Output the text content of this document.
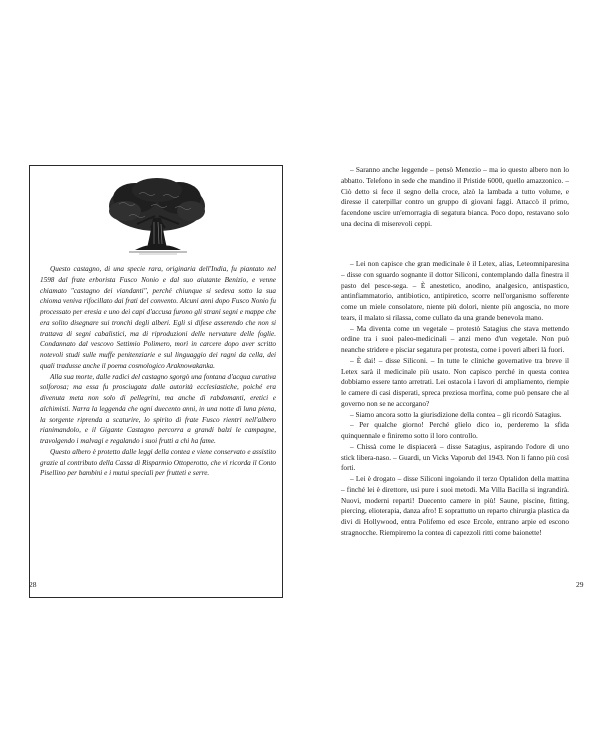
Questo castagno, di una specie rara, originaria dell'India, fu piantato nel 1598 dal frate erborista Fusco Nonio e dal suo aiutante Benizio, e venne chiamato "castagno dei viandanti", perché chiunque si sedeva sotto la sua chioma veniva rifocillato dai frati del convento. Alcuni anni dopo Fusco Nonio fu processato per eresia e uno dei capi d'accusa furono gli strani segni e mappe che era solito disegnare sui tronchi degli alberi. Egli si difese asserendo che non si trattava di segni cabalistici, ma di riproduzioni delle nervature delle foglie. Condannato dal vescovo Settimio Polimero, morì in carcere dopo aver scritto notevoli studi sulle muffe penitenziarie e sul linguaggio dei ragni da cella, dei quali tradusse anche il poema cosmologico Araknowakanka.

Alla sua morte, dalle radici del castagno sgorgò una fontana d'acqua curativa solforosa; ma essa fu prosciugata dalle autorità ecclesiastiche, poiché era divenuta meta non solo di pellegrini, ma anche di rabdomanti, eretici e alchimisti. Narra la leggenda che ogni duecento anni, in una notte di luna piena, la sorgente riprenda a scaturire, lo spirito di frate Fusco rientri nell'albero rianimandolo, e il Gigante Castagno percorra a grandi balzi le campagne, travolgendo i malvagi e regalando i suoi frutti a chi ha fame.

Questo albero è protetto dalle leggi della contea e viene conservato e assistito grazie al contributo della Cassa di Risparmio Ottoperotto, che vi ricorda il Conto Pisellino per bambini e i mutui speciali per frutteti e serre.

28

– Saranno anche leggende – pensò Menezio – ma io questo albero non lo abbatto. Telefono in sede che mandino il Pristide 6000, quello amazzonico. – Ciò detto si fece il segno della croce, alzò la lambada a tutto volume, e diresse il caterpillar contro un gruppo di giovani faggi. Attaccò il primo, facendone uscire un'emorragia di segatura bianca. Poco dopo, restavano solo una decina di miserevoli ceppi.

– Lei non capisce che gran medicinale è il Letex, alias, Leteomniparesina – disse con sguardo sognante il dottor Siliconi, contemplando dalla finestra il pasto del pesce-sega. – È anestetico, anodino, analgesico, antispastico, antinfiammatorio, antibiotico, antipiretico, scorre nell'organismo sofferente come un miele consolatore, niente più dolori, niente più angoscia, no more tears, il malato si rilassa, come cullato da una grande benevola mano.

– Ma diventa come un vegetale – protestò Satagius che stava mettendo ordine tra i suoi paleo-medicinali – anzi meno d'un vegetale. Non può neanche stridere e pisciar segatura per protesta, come i poveri alberi là fuori.

– È dai! – disse Siliconi. – In tutte le cliniche governative tra breve il Letex sarà il medicinale più usato. Non capisco perché in questa contea dobbiamo essere tanto arretrati. Lei ostacola i lavori di ampliamento, riempie le camere di casi disperati, spreca preziosa morfina, come può pensare che al governo non se ne accorgano?

– Siamo ancora sotto la giurisdizione della contea – gli ricordò Satagius.

– Per qualche giorno! Perché glielo dico io, perderemo la sfida quinquennale e finiremo sotto il loro controllo.

– Chissà come le dispiacerà – disse Satagius, aspirando l'odore di uno stick libera-naso. – Guardi, un Vicks Vaporub del 1943. Non li fanno più così forti.

– Lei è drogato – disse Siliconi ingoiando il terzo Optalidon della mattina – finché lei è direttore, usi pure i suoi metodi. Ma Villa Bacilla si ingrandirà. Nuovi, moderni reparti! Duecento camere in più! Saune, piscine, fitting, piercing, elioterapia, danza afro! E soprattutto un reparto chirurgia plastica da divi di Hollywood, entra Polifemo ed esce Ercole, entrano arpie ed escono stragnocche. Riempiremo la contea di capezzoli ritti come baionette!

29
